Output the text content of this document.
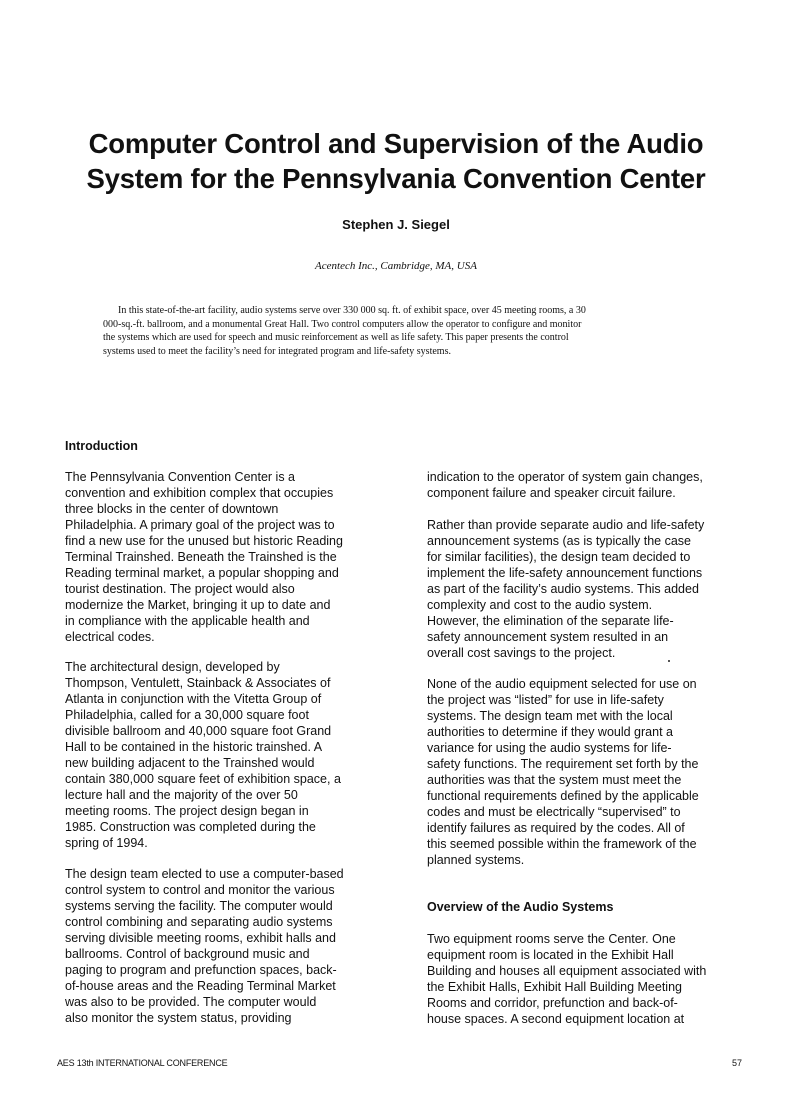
Computer Control and Supervision of the Audio
System for the Pennsylvania Convention Center
Stephen J. Siegel
Acentech Inc., Cambridge, MA, USA
In this state-of-the-art facility, audio systems serve over 330 000 sq. ft. of exhibit space, over 45 meeting rooms, a 30
000-sq.-ft. ballroom, and a monumental Great Hall. Two control computers allow the operator to configure and monitor
the systems which are used for speech and music reinforcement as well as life safety. This paper presents the control
systems used to meet the facility’s need for integrated program and life-safety systems.
Introduction
The Pennsylvania Convention Center is a
convention and exhibition complex that occupies
three blocks in the center of downtown
Philadelphia. A primary goal of the project was to
find a new use for the unused but historic Reading
Terminal Trainshed. Beneath the Trainshed is the
Reading terminal market, a popular shopping and
tourist destination. The project would also
modernize the Market, bringing it up to date and
in compliance with the applicable health and
electrical codes.
The architectural design, developed by
Thompson, Ventulett, Stainback & Associates of
Atlanta in conjunction with the Vitetta Group of
Philadelphia, called for a 30,000 square foot
divisible ballroom and 40,000 square foot Grand
Hall to be contained in the historic trainshed. A
new building adjacent to the Trainshed would
contain 380,000 square feet of exhibition space, a
lecture hall and the majority of the over 50
meeting rooms. The project design began in
1985. Construction was completed during the
spring of 1994.
The design team elected to use a computer-based
control system to control and monitor the various
systems serving the facility. The computer would
control combining and separating audio systems
serving divisible meeting rooms, exhibit halls and
ballrooms. Control of background music and
paging to program and prefunction spaces, back-
of-house areas and the Reading Terminal Market
was also to be provided. The computer would
also monitor the system status, providing
indication to the operator of system gain changes,
component failure and speaker circuit failure.
Rather than provide separate audio and life-safety
announcement systems (as is typically the case
for similar facilities), the design team decided to
implement the life-safety announcement functions
as part of the facility’s audio systems. This added
complexity and cost to the audio system.
However, the elimination of the separate life-
safety announcement system resulted in an
overall cost savings to the project.
None of the audio equipment selected for use on
the project was “listed” for use in life-safety
systems. The design team met with the local
authorities to determine if they would grant a
variance for using the audio systems for life-
safety functions. The requirement set forth by the
authorities was that the system must meet the
functional requirements defined by the applicable
codes and must be electrically “supervised” to
identify failures as required by the codes. All of
this seemed possible within the framework of the
planned systems.
Overview of the Audio Systems
Two equipment rooms serve the Center. One
equipment room is located in the Exhibit Hall
Building and houses all equipment associated with
the Exhibit Halls, Exhibit Hall Building Meeting
Rooms and corridor, prefunction and back-of-
house spaces. A second equipment location at
AES 13th INTERNATIONAL CONFERENCE	57
